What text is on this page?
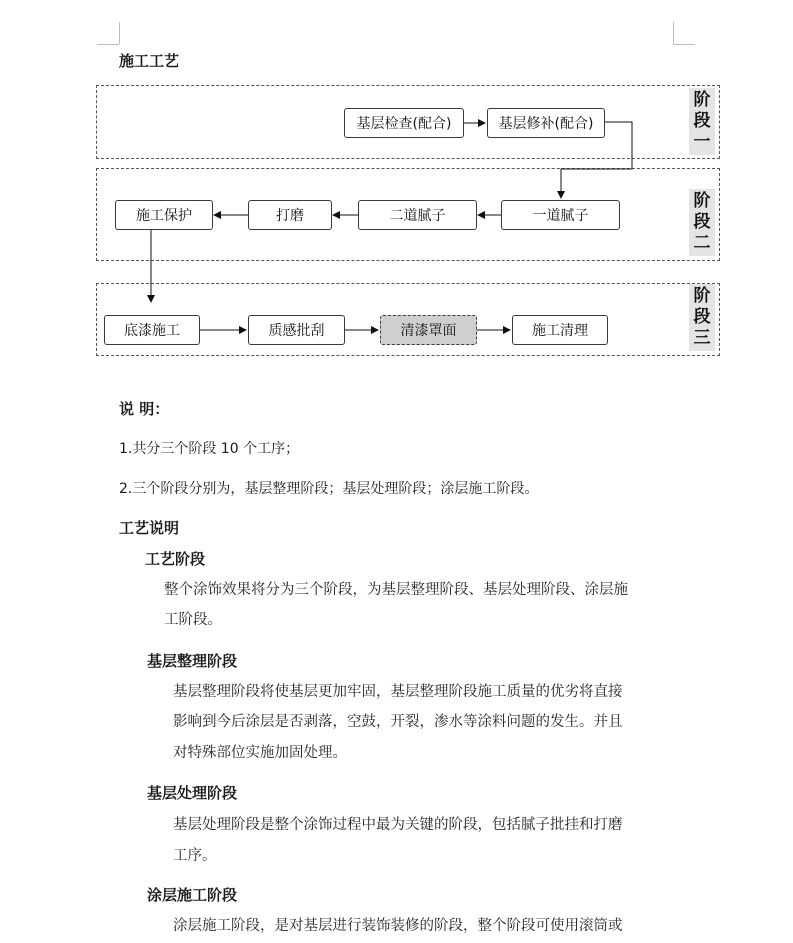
施工工艺
阶段一
阶段二
阶段三
基层检查(配合)	基层修补(配合)
一道腻子
二道腻子
打磨
施工保护
底漆施工	质感批刮	清漆罩面	施工清理
说 明：
1.共分三个阶段 10 个工序；
2.三个阶段分别为，基层整理阶段；基层处理阶段；涂层施工阶段。
工艺说明
工艺阶段
整个涂饰效果将分为三个阶段，为基层整理阶段、基层处理阶段、涂层施
工阶段。
基层整理阶段
基层整理阶段将使基层更加牢固，基层整理阶段施工质量的优劣将直接
影响到今后涂层是否剥落，空鼓，开裂，渗水等涂料问题的发生。并且
对特殊部位实施加固处理。
基层处理阶段
基层处理阶段是整个涂饰过程中最为关键的阶段，包括腻子批挂和打磨
工序。
涂层施工阶段
涂层施工阶段，是对基层进行装饰装修的阶段，整个阶段可使用滚筒或
